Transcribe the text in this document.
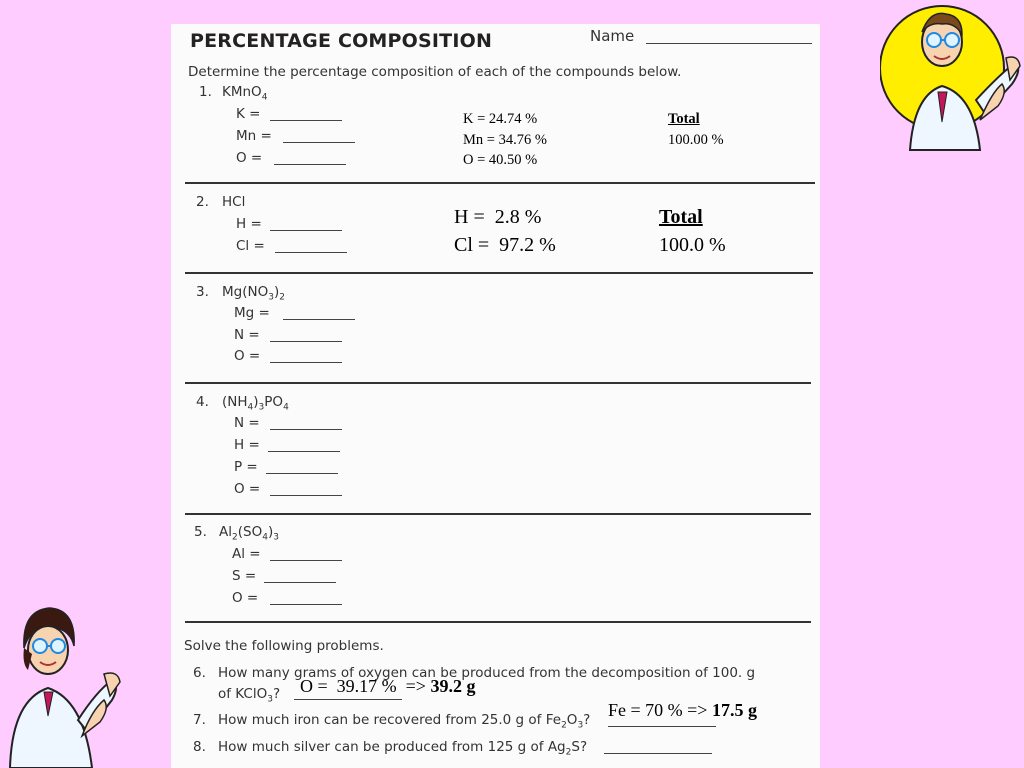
PERCENTAGE COMPOSITION	Name
Determine the percentage composition of each of the compounds below.
1. KMnO$_4$
K =
Mn =
O =
K = 24.74 %
Mn = 34.76 %
O = 40.50 %
Total
100.00 %
2. HCl
H =
Cl =
H =  2.8 %
Cl =  97.2 %
Total
100.0 %
3. $Mg(NO_3)_2$
Mg =
N =
O =
4. $(NH_4)_3PO_4$
N =
H =
P =
O =
5. $Al_2(SO_4)_3$
Al =
S =
O =
Solve the following problems.
6. How many grams of oxygen can be produced from the decomposition of 100. g
of KClO$_3$? O =  39.17 %  => 39.2 g
7. How much iron can be recovered from 25.0 g of $Fe_2O_3$? Fe = 70 % => 17.5 g
8. How much silver can be produced from 125 g of $Ag_2S$?
